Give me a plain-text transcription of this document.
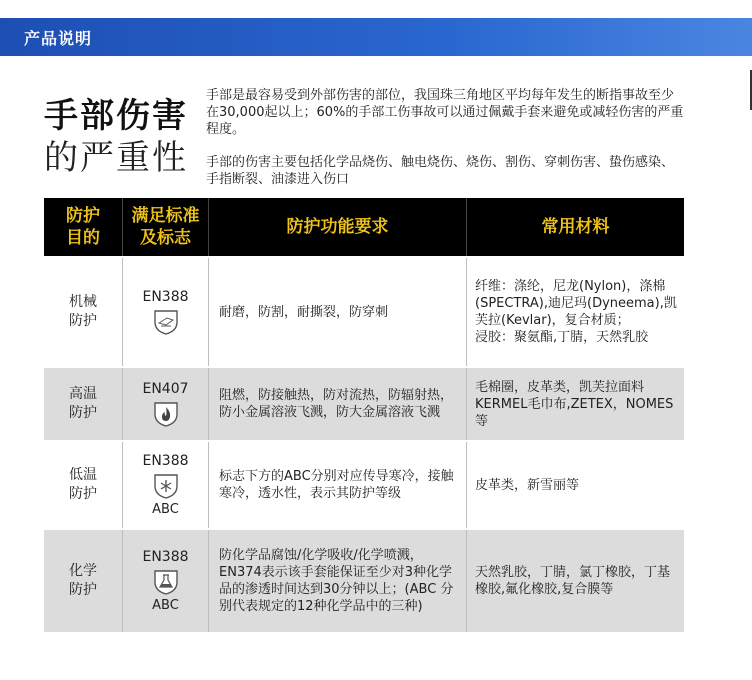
产品说明
手部伤害
的严重性

手部是最容易受到外部伤害的部位，我国珠三角地区平均每年发生的断指事故至少在30,000起以上；60%的手部工伤事故可以通过佩戴手套来避免或减轻伤害的严重程度。

手部的伤害主要包括化学品烧伤、触电烧伤、烧伤、割伤、穿刺伤害、蛰伤感染、手指断裂、油漆进入伤口

防护
目的
满足标准
及标志
防护功能要求	常用材料
机械
防护
EN388
耐磨，防割，耐撕裂，防穿刺
纤维：涤纶，尼龙(Nylon)，涤棉(SPECTRA),迪尼玛(Dyneema),凯芙拉(Kevlar)，复合材质；
浸胶：聚氨酯,丁腈，天然乳胶
高温
防护
EN407 阻燃，防接触热，防对流热，防辐射热，防小金属溶液飞溅，防大金属溶液飞溅
毛棉圈，皮革类，凯芙拉面料KERMEL毛巾布,ZETEX，NOMES等
低温
防护
EN388
ABC
标志下方的ABC分别对应传导寒冷，接触寒冷，透水性，表示其防护等级
皮革类，新雪丽等
化学
防护
EN388
ABC
防化学品腐蚀/化学吸收/化学喷溅，EN374表示该手套能保证至少对3种化学品的渗透时间达到30分钟以上；(ABC 分别代表规定的12种化学品中的三种)
天然乳胶，丁腈，氯丁橡胶，丁基橡胶,氟化橡胶,复合膜等
